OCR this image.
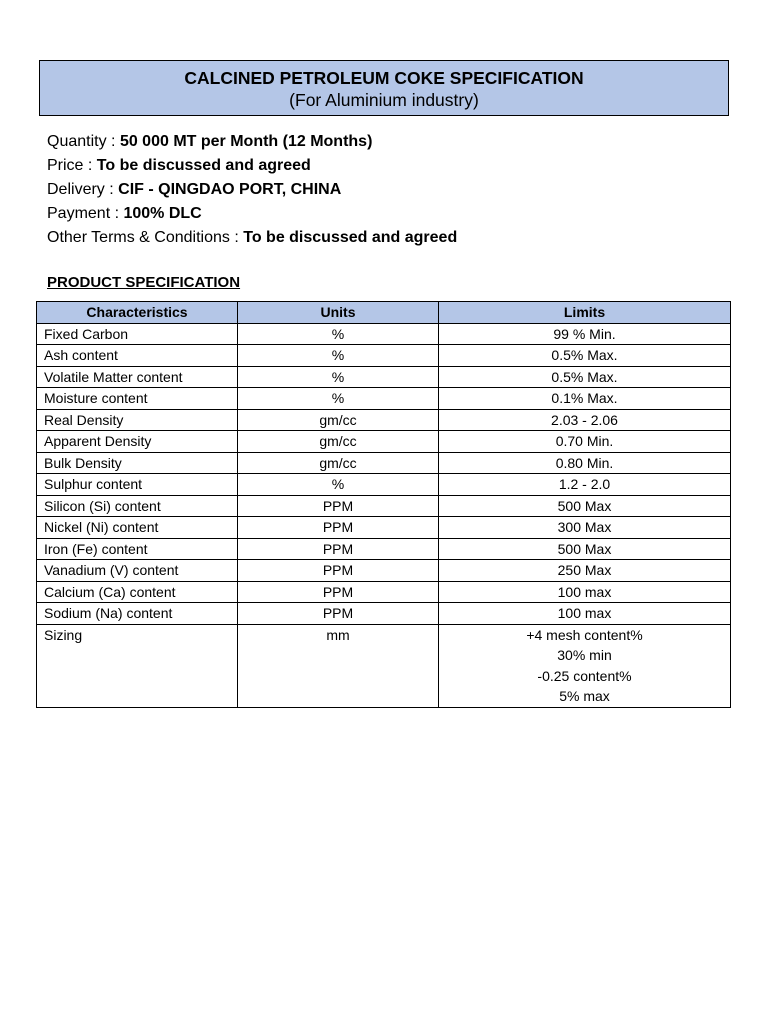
CALCINED PETROLEUM COKE SPECIFICATION
(For Aluminium industry)
Quantity : 50 000 MT per Month (12 Months)
Price : To be discussed and agreed
Delivery : CIF - QINGDAO PORT, CHINA
Payment : 100% DLC
Other Terms & Conditions : To be discussed and agreed
PRODUCT SPECIFICATION
Characteristics	Units	Limits
Fixed Carbon	%	99 % Min.
Ash content	%	0.5% Max.
Volatile Matter content	%	0.5% Max.
Moisture content	%	0.1% Max.
Real Density	gm/cc	2.03 - 2.06
Apparent Density	gm/cc	0.70 Min.
Bulk Density	gm/cc	0.80 Min.
Sulphur content	%	1.2 - 2.0
Silicon (Si) content	PPM	500 Max
Nickel (Ni) content	PPM	300 Max
Iron (Fe) content	PPM	500 Max
Vanadium (V) content	PPM	250 Max
Calcium (Ca) content	PPM	100 max
Sodium (Na) content	PPM	100 max
Sizing	mm	+4 mesh content%
30% min
-0.25 content%
5% max
